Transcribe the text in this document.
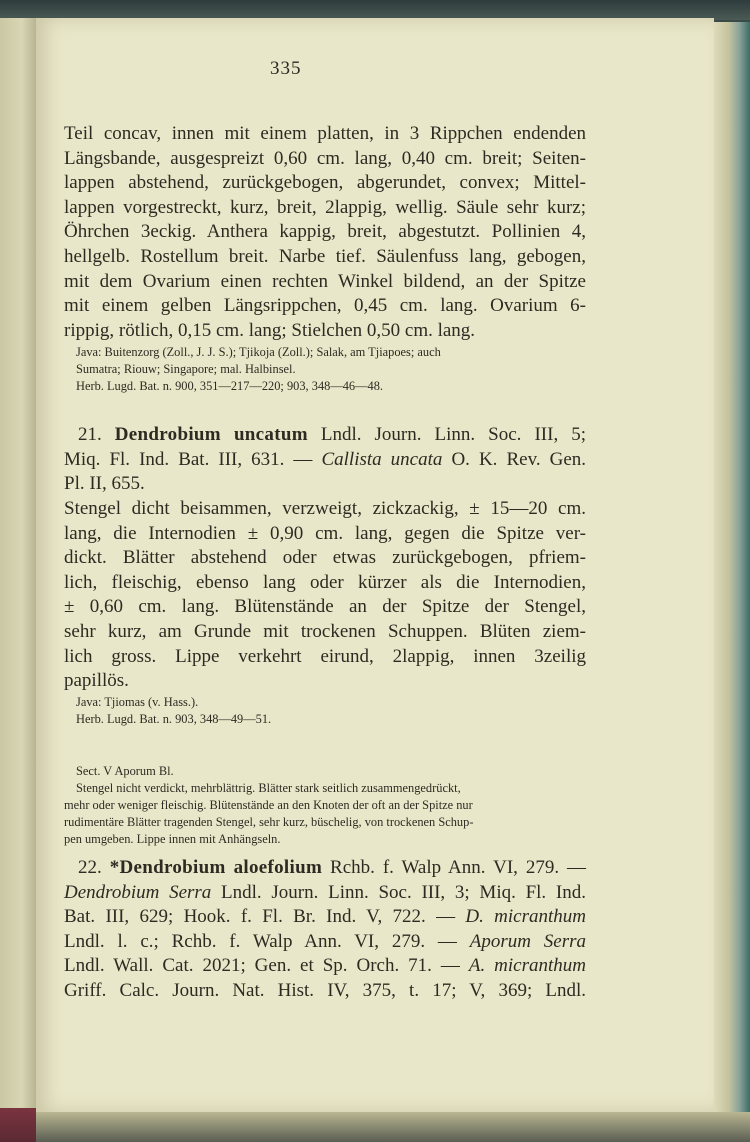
335
Teil concav, innen mit einem platten, in 3 Rippchen endenden
Längsbande, ausgespreizt 0,60 cm. lang, 0,40 cm. breit; Seiten-
lappen abstehend, zurückgebogen, abgerundet, convex; Mittel-
lappen vorgestreckt, kurz, breit, 2lappig, wellig. Säule sehr kurz;
Öhrchen 3eckig. Anthera kappig, breit, abgestutzt. Pollinien 4,
hellgelb. Rostellum breit. Narbe tief. Säulenfuss lang, gebogen,
mit dem Ovarium einen rechten Winkel bildend, an der Spitze
mit einem gelben Längsrippchen, 0,45 cm. lang. Ovarium 6-
rippig, rötlich, 0,15 cm. lang; Stielchen 0,50 cm. lang.
Java: Buitenzorg (Zoll., J. J. S.); Tjikoja (Zoll.); Salak, am Tjiapoes; auch
Sumatra; Riouw; Singapore; mal. Halbinsel.
Herb. Lugd. Bat. n. 900, 351—217—220; 903, 348—46—48.
21. Dendrobium uncatum Lndl. Journ. Linn. Soc. III, 5;
Miq. Fl. Ind. Bat. III, 631. — Callista uncata O. K. Rev. Gen.
Pl. II, 655.
Stengel dicht beisammen, verzweigt, zickzackig, ± 15—20 cm.
lang, die Internodien ± 0,90 cm. lang, gegen die Spitze ver-
dickt. Blätter abstehend oder etwas zurückgebogen, pfriem-
lich, fleischig, ebenso lang oder kürzer als die Internodien,
± 0,60 cm. lang. Blütenstände an der Spitze der Stengel,
sehr kurz, am Grunde mit trockenen Schuppen. Blüten ziem-
lich gross. Lippe verkehrt eirund, 2lappig, innen 3zeilig
papillös.
Java: Tjiomas (v. Hass.).
Herb. Lugd. Bat. n. 903, 348—49—51.
Sect. V Aporum Bl.
Stengel nicht verdickt, mehrblättrig. Blätter stark seitlich zusammengedrückt,
mehr oder weniger fleischig. Blütenstände an den Knoten der oft an der Spitze nur
rudimentäre Blätter tragenden Stengel, sehr kurz, büschelig, von trockenen Schup-
pen umgeben. Lippe innen mit Anhängseln.
22. *Dendrobium aloefolium Rchb. f. Walp Ann. VI, 279. —
Dendrobium Serra Lndl. Journ. Linn. Soc. III, 3; Miq. Fl. Ind.
Bat. III, 629; Hook. f. Fl. Br. Ind. V, 722. — D. micranthum
Lndl. l. c.; Rchb. f. Walp Ann. VI, 279. — Aporum Serra
Lndl. Wall. Cat. 2021; Gen. et Sp. Orch. 71. — A. micranthum
Griff. Calc. Journ. Nat. Hist. IV, 375, t. 17; V, 369; Lndl.
